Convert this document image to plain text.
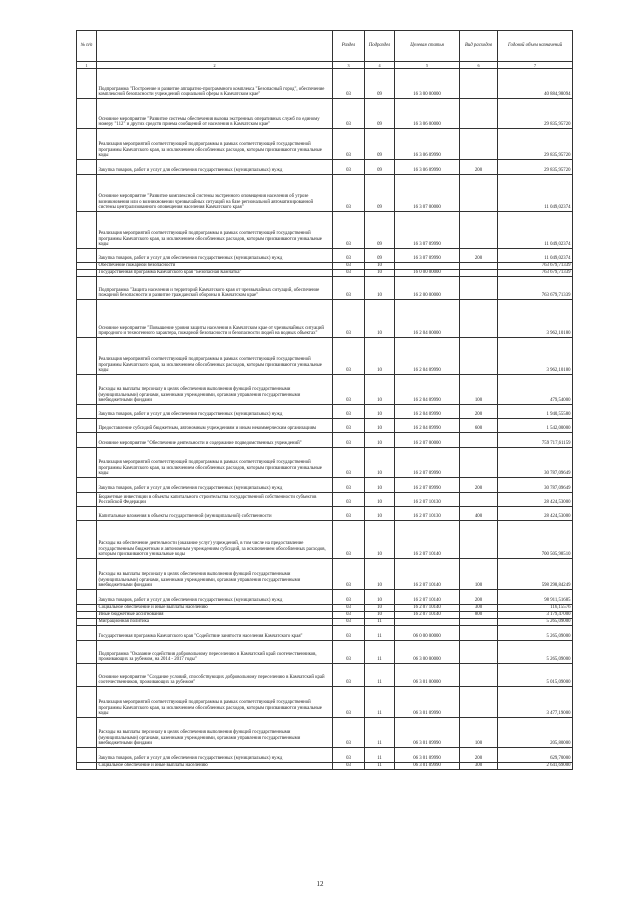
№ п/п		Раздел	Подраздел	Целевая статья	Вид расходов	Годовой объем назначений
1	2	3	4	5	6	7
	Подпрограмма "Построение и развитие аппаратно-программного комплекса "Безопасный город", обеспечение комплексной безопасности учреждений социальной сферы в Камчатском крае"	03	09	16 3 00 00000		40 884,98094
	Основное мероприятие "Развитие системы обеспечения вызова экстренных оперативных служб по единому номеру "112" и других средств приема сообщений от населения в Камчатском крае"	03	09	16 3 06 00000		29 835,95720
	Реализация мероприятий соответствующей подпрограммы в рамках соответствующей государственной программы Камчатского края, за исключением обособленных расходов, которым присваиваются уникальные коды	03	09	16 3 06 09990		29 835,95720
	Закупка товаров, работ и услуг для обеспечения государственных (муниципальных) нужд	03	09	16 3 06 09990	200	29 835,95720
	Основное мероприятие "Развитие комплексной системы экстренного оповещения населения об угрозе возникновения или о возникновении чрезвычайных ситуаций на базе региональной автоматизированной системы централизованного оповещения населения Камчатского края"	03	09	16 3 07 00000		11 049,02374
	Реализация мероприятий соответствующей подпрограммы в рамках соответствующей государственной программы Камчатского края, за исключением обособленных расходов, которым присваиваются уникальные коды	03	09	16 3 07 09990		11 049,02374
	Закупка товаров, работ и услуг для обеспечения государственных (муниципальных) нужд	03	09	16 3 07 09990	200	11 049,02374
	Обеспечение пожарной безопасности	03	10			763 679,71339
	Государственная программа Камчатского края "Безопасная Камчатка"	03	10	16 0 00 00000		763 679,71339
	Подпрограмма "Защита населения и территорий Камчатского края от чрезвычайных ситуаций, обеспечение пожарной безопасности и развитие гражданской обороны в Камчатском крае"	03	10	16 2 00 00000		763 679,71339
	Основное мероприятие "Повышение уровня защиты населения в Камчатском крае от чрезвычайных ситуаций природного и техногенного характера, пожарной безопасности и безопасности людей на водных объектах"	03	10	16 2 04 00000		3 962,10180
	Реализация мероприятий соответствующей подпрограммы в рамках соответствующей государственной программы Камчатского края, за исключением обособленных расходов, которым присваиваются уникальные коды	03	10	16 2 04 09990		3 962,10180
	Расходы на выплаты персоналу в целях обеспечения выполнения функций государственными (муниципальными) органами, казенными учреждениями, органами управления государственными внебюджетными фондами	03	10	16 2 04 09990	100	479,54000
	Закупка товаров, работ и услуг для обеспечения государственных (муниципальных) нужд	03	10	16 2 04 09990	200	1 940,55580
	Предоставление субсидий бюджетным, автономным учреждениям и иным некоммерческим организациям	03	10	16 2 04 09990	600	1 542,00000
	Основное мероприятие "Обеспечение деятельности и содержание подведомственных учреждений"	03	10	16 2 07 00000		759 717,61159
	Реализация мероприятий соответствующей подпрограммы в рамках соответствующей государственной программы Камчатского края, за исключением обособленных расходов, которым присваиваются уникальные коды	03	10	16 2 07 09990		30 787,09649
	Закупка товаров, работ и услуг для обеспечения государственных (муниципальных) нужд	03	10	16 2 07 09990	200	30 787,09649
	Бюджетные инвестиции в объекты капитального строительства государственной собственности субъектов Российской Федерации	03	10	16 2 07 10130		28 424,53000
	Капитальные вложения в объекты государственной (муниципальной) собственности	03	10	16 2 07 10130	400	28 424,53000
	Расходы на обеспечение деятельности (оказание услуг) учреждений, в том числе на предоставление государственным бюджетным и автономным учреждениям субсидий, за исключением обособленных расходов, которым присваиваются уникальные коды	03	10	16 2 07 10140		700 505,98510
	Расходы на выплаты персоналу в целях обеспечения выполнения функций государственными (муниципальными) органами, казенными учреждениями, органами управления государственными внебюджетными фондами	03	10	16 2 07 10140	100	598 298,84249
	Закупка товаров, работ и услуг для обеспечения государственных (муниципальных) нужд	03	10	16 2 07 10140	200	98 911,51685
	Социальное обеспечение и иные выплаты населению	03	10	16 2 07 10140	300	116,15576
	Иные бюджетные ассигнования	03	10	16 2 07 10140	800	3 179,47000
	Миграционная политика	03	11			5 265,09000
	Государственная программа Камчатского края "Содействие занятости населения Камчатского края"	03	11	06 0 00 00000		5 265,09000
	Подпрограмма "Оказание содействия добровольному переселению в Камчатский край соотечественников, проживающих за рубежом, на 2014 - 2017 годы"	03	11	06 3 00 00000		5 265,09000
	Основное мероприятие "Создание условий, способствующих добровольному переселению в Камчатский край соотечественников, проживающих за рубежом"	03	11	06 3 01 00000		5 015,09000
	Реализация мероприятий соответствующей подпрограммы в рамках соответствующей государственной программы Камчатского края, за исключением обособленных расходов, которым присваиваются уникальные коды	03	11	06 3 01 09990		3 477,19000
	Расходы на выплаты персоналу в целях обеспечения выполнения функций государственными (муниципальными) органами, казенными учреждениями, органами управления государственными внебюджетными фондами	03	11	06 3 01 09990	100	205,80000
	Закупка товаров, работ и услуг для обеспечения государственных (муниципальных) нужд	03	11	06 3 01 09990	200	629,70000
	Социальное обеспечение и иные выплаты населению	03	11	06 3 01 09990	300	2 641,69000
12
